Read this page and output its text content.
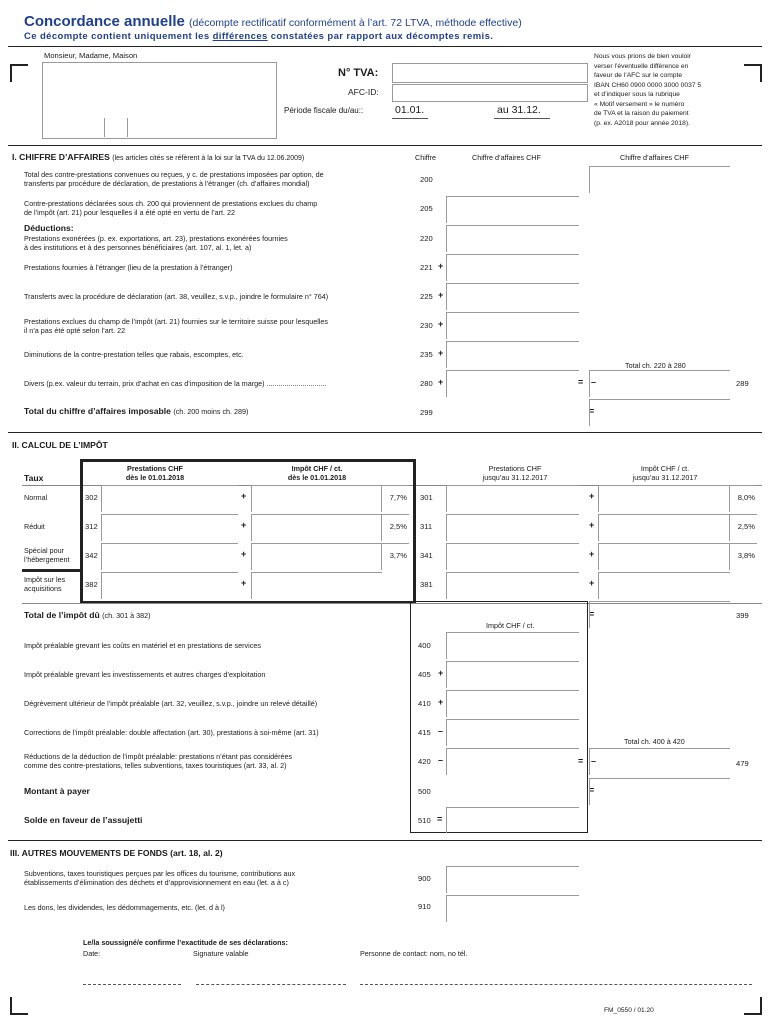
Concordance annuelle (décompte rectificatif conformément à l’art. 72 LTVA, méthode effective)
Ce décompte contient uniquement les différences constatées par rapport aux décomptes remis.
Monsieur, Madame, Maison
N° TVA:
AFC-ID:
Période fiscale du/au::	01.01.	au 31.12.
Nous vous prions de bien vouloir
verser l’éventuelle différence en
faveur de l’AFC sur le compte
IBAN CH60 0900 0000 3000 0037 5
et d’indiquer sous la rubrique
« Motif versement » le numéro
de TVA et la raison du paiement
(p. ex. A2018 pour année 2018).
I. CHIFFRE D’AFFAIRES (les articles cités se réfèrent à la loi sur la TVA du 12.06.2009)	Chiffre	Chiffre d’affaires CHF	Chiffre d’affaires CHF
Total des contre-prestations convenues ou reçues, y c. de prestations imposées par option, de
transferts par procédure de déclaration, de prestations à l’étranger (ch. d’affaires mondial)	200
Contre-prestations déclarées sous ch. 200 qui proviennent de prestations exclues du champ
de l’impôt (art. 21) pour lesquelles il a été opté en vertu de l’art. 22	205
Déductions:
Prestations exonérées (p. ex. exportations, art. 23), prestations exonérées fournies
à des institutions et à des personnes bénéficiaires (art. 107, al. 1, let. a)
220
Prestations fournies à l’étranger (lieu de la prestation à l’étranger)	221 +
Transferts avec la procédure de déclaration (art. 38, veuillez, s.v.p., joindre le formulaire n° 764)	225 +
Prestations exclues du champ de l’impôt (art. 21) fournies sur le territoire suisse pour lesquelles
il n’a pas été opté selon l’art. 22
230 +
Diminutions de la contre-prestation telles que rabais, escomptes, etc.	235 +
Total ch. 220 à 280
Divers (p.ex. valeur du terrain, prix d’achat en cas d’imposition de la marge) ..............................	280 +	= –	289
Total du chiffre d’affaires imposable (ch. 200 moins ch. 289)	299	=
II. CALCUL DE L’IMPÔT
Taux
Prestations CHF
dès le 01.01.2018
Impôt CHF / ct.
dès le 01.01.2018
Prestations CHF
jusqu’au 31.12.2017
Impôt CHF / ct.
jusqu’au 31.12.2017
Normal	302	+	7,7% 301	+	8,0%
Réduit	312	+	2,5% 311	+	2,5%
Spécial pour
l’hébergement 342	+	3,7% 341	+	3,8%
Impôt sur les
acquisitions	382	+	381	+
Total de l’impôt dû (ch. 301 à 382)	=	399
Impôt CHF / ct.
Impôt préalable grevant les coûts en matériel et en prestations de services	400
Impôt préalable grevant les investissements et autres charges d’exploitation	405 +
Dégrèvement ultérieur de l’impôt préalable (art. 32, veuillez, s.v.p., joindre un relevé détaillé)	410 +
Corrections de l’impôt préalable: double affectation (art. 30), prestations à soi-même (art. 31)	415 –
Total ch. 400 à 420
Réductions de la déduction de l’impôt préalable: prestations n’étant pas considérées
comme des contre-prestations, telles subventions, taxes touristiques (art. 33, al. 2)	420 –	= –	479
Montant à payer	500	=
Solde en faveur de l’assujetti	510 =
III. AUTRES MOUVEMENTS DE FONDS (art. 18, al. 2)
Subventions, taxes touristiques perçues par les offices du tourisme, contributions aux
établissements d’élimination des déchets et d’approvisionnement en eau (let. a à c)	900
Les dons, les dividendes, les dédommagements, etc. (let. d à l)	910
Le/la soussigné/e confirme l’exactitude de ses déclarations:
Date:	Signature valable	Personne de contact: nom, no tél.
FM_0550 / 01.20
